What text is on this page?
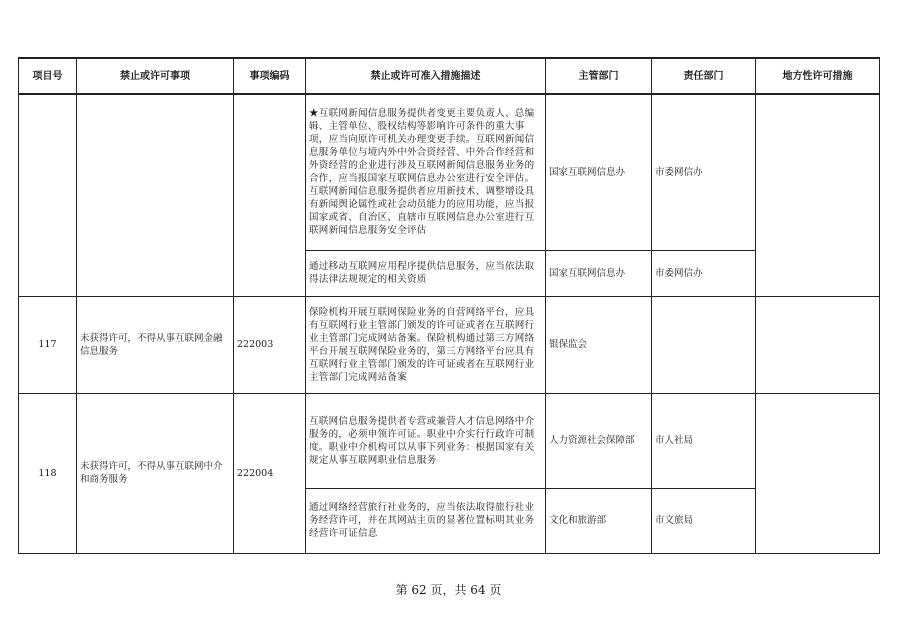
项目号	禁止或许可事项	事项编码	禁止或许可准入措施描述	主管部门	责任部门	地方性许可措施
			★互联网新闻信息服务提供者变更主要负责人、总编辑、主管单位、股权结构等影响许可条件的重大事项，应当向原许可机关办理变更手续。互联网新闻信息服务单位与境内外中外合资经营、中外合作经营和外资经营的企业进行涉及互联网新闻信息服务业务的合作，应当报国家互联网信息办公室进行安全评估。互联网新闻信息服务提供者应用新技术、调整增设具有新闻舆论属性或社会动员能力的应用功能，应当报国家或省、自治区、直辖市互联网信息办公室进行互联网新闻信息服务安全评估	国家互联网信息办	市委网信办	
			通过移动互联网应用程序提供信息服务，应当依法取得法律法规规定的相关资质	国家互联网信息办	市委网信办	
117	未获得许可，不得从事互联网金融信息服务	222003	保险机构开展互联网保险业务的自营网络平台，应具有互联网行业主管部门颁发的许可证或者在互联网行业主管部门完成网站备案。保险机构通过第三方网络平台开展互联网保险业务的，第三方网络平台应具有互联网行业主管部门颁发的许可证或者在互联网行业主管部门完成网站备案	银保监会		
118	未获得许可，不得从事互联网中介和商务服务	222004	互联网信息服务提供者专营或兼营人才信息网络中介服务的，必须申领许可证。职业中介实行行政许可制度。职业中介机构可以从事下列业务：根据国家有关规定从事互联网职业信息服务	人力资源社会保障部	市人社局	
			通过网络经营旅行社业务的，应当依法取得旅行社业务经营许可，并在其网站主页的显著位置标明其业务经营许可证信息	文化和旅游部	市文旅局	
第 62 页，共 64 页
